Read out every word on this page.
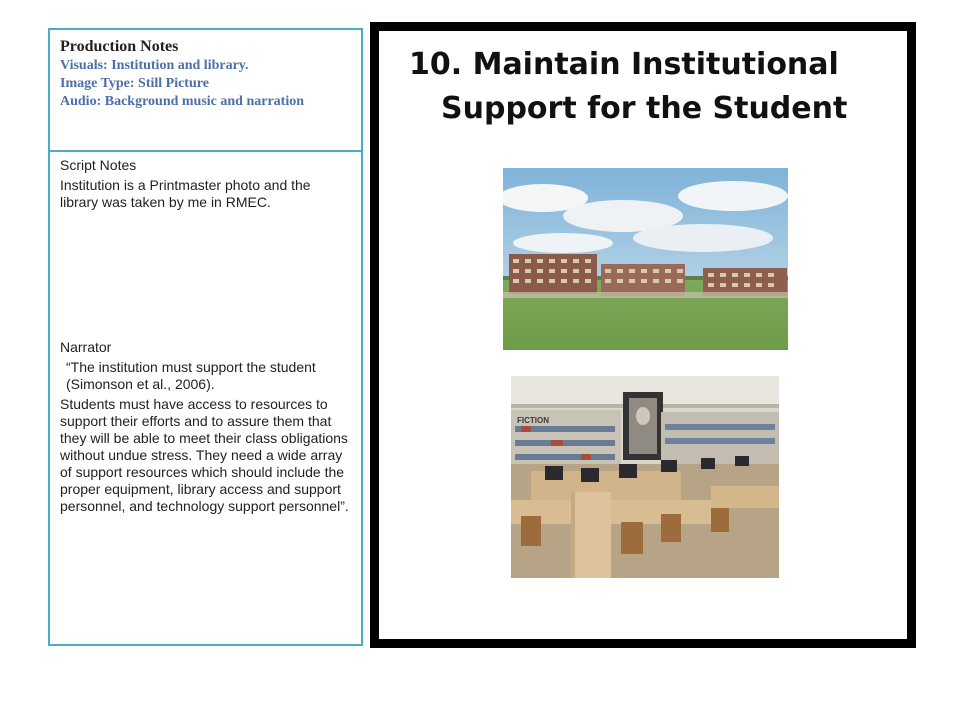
Production Notes
Visuals: Institution and library.
Image Type: Still Picture
Audio: Background music and narration

Script Notes

Institution is a Printmaster photo and the library was taken by me in RMEC.

Narrator

“The institution must support the student (Simonson et al., 2006).

Students must have access to resources to support their efforts and to assure them that they will be able to meet their class obligations without undue stress. They need a wide array of support resources which should include the proper equipment, library access and support personnel, and technology support personnel”.

10. Maintain Institutional
Support for the Student
FICTION
